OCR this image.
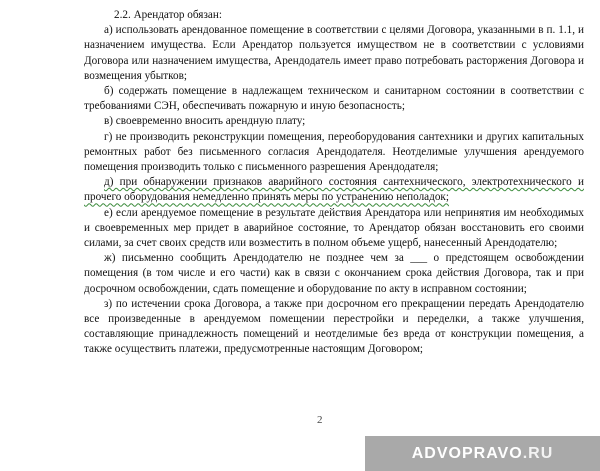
2.2. Арендатор обязан:

а) использовать арендованное помещение в соответствии с целями Договора, указанными в п. 1.1, и назначением имущества. Если Арендатор пользуется имуществом не в соответствии с условиями Договора или назначением имущества, Арендодатель имеет право потребовать расторжения Договора и возмещения убытков;

б) содержать помещение в надлежащем техническом и санитарном состоянии в соответствии с требованиями СЭН, обеспечивать пожарную и иную безопасность;

в) своевременно вносить арендную плату;

г) не производить реконструкции помещения, переоборудования сантехники и других капитальных ремонтных работ без письменного согласия Арендодателя. Неотделимые улучшения арендуемого помещения производить только с письменного разрешения Арендодателя;

д) при обнаружении признаков аварийного состояния сантехнического, электротехнического и прочего оборудования немедленно принять меры по устранению неполадок;

е) если арендуемое помещение в результате действия Арендатора или непринятия им необходимых и своевременных мер придет в аварийное состояние, то Арендатор обязан восстановить его своими силами, за счет своих средств или возместить в полном объеме ущерб, нанесенный Арендодателю;

ж) письменно сообщить Арендодателю не позднее чем за ___ о предстоящем освобождении помещения (в том числе и его части) как в связи с окончанием срока действия Договора, так и при досрочном освобождении, сдать помещение и оборудование по акту в исправном состоянии;

з) по истечении срока Договора, а также при досрочном его прекращении передать Арендодателю все произведенные в арендуемом помещении перестройки и переделки, а также улучшения, составляющие принадлежность помещений и неотделимые без вреда от конструкции помещения, а также осуществить платежи, предусмотренные настоящим Договором;

2
ADVOPRAVO .RU
